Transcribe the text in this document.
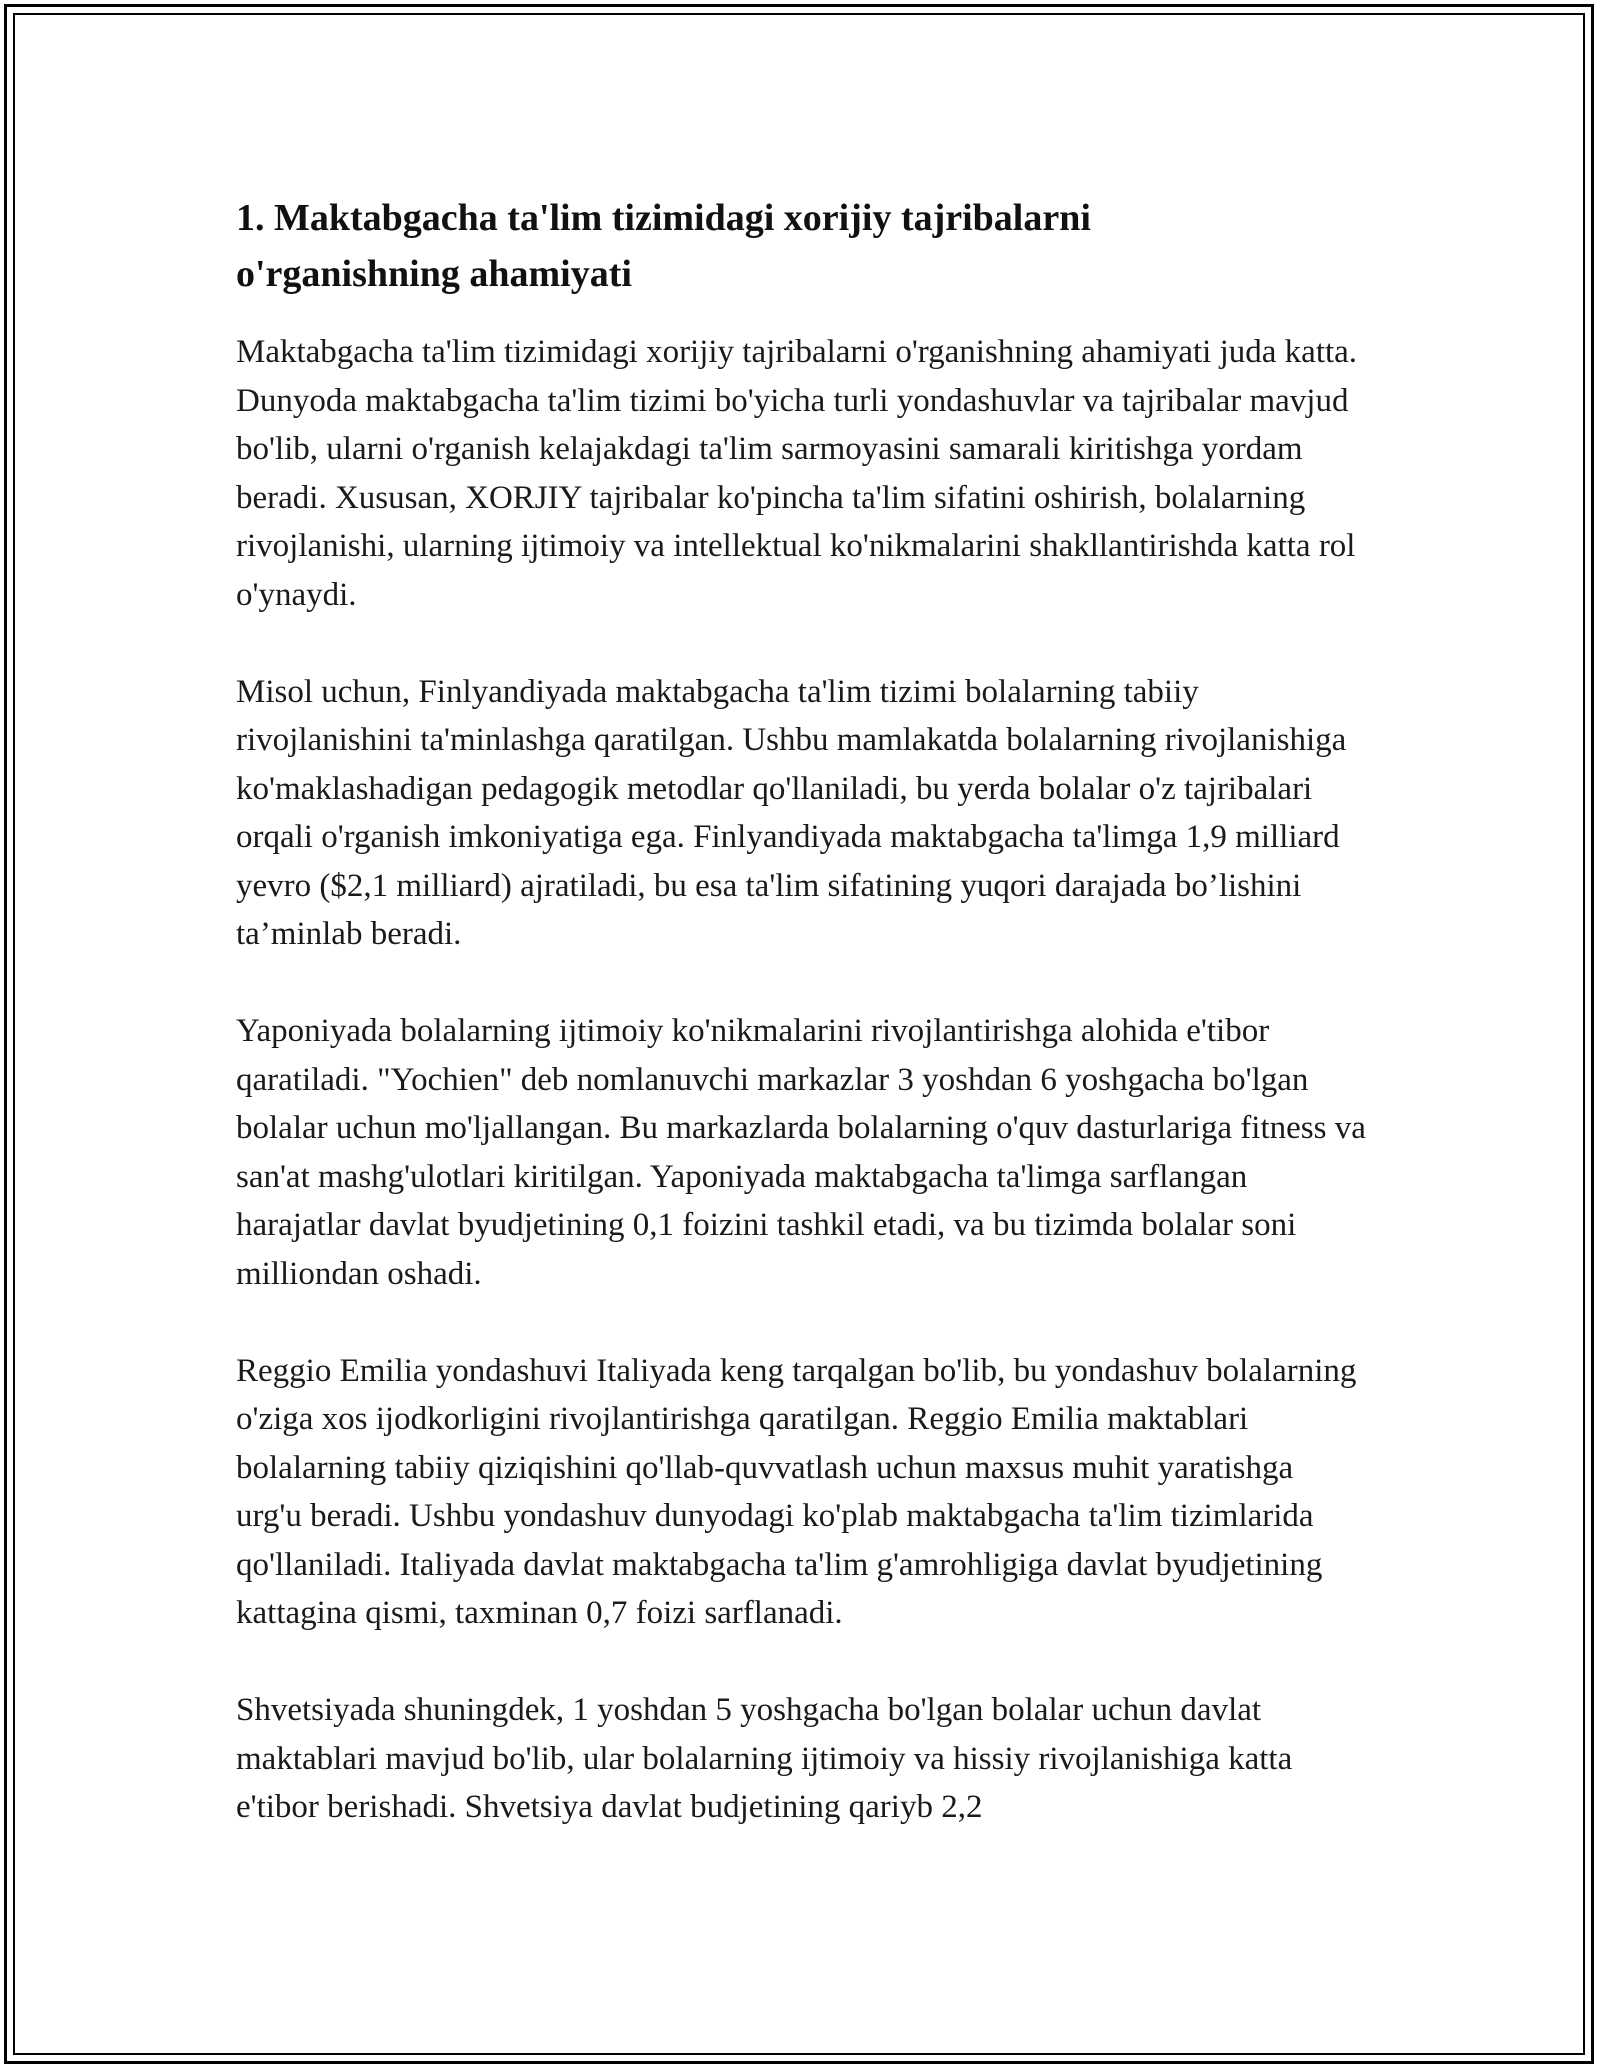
1. Maktabgacha ta'lim tizimidagi xorijiy tajribalarni o'rganishning ahamiyati

Maktabgacha ta'lim tizimidagi xorijiy tajribalarni o'rganishning ahamiyati juda katta. Dunyoda maktabgacha ta'lim tizimi bo'yicha turli yondashuvlar va tajribalar mavjud bo'lib, ularni o'rganish kelajakdagi ta'lim sarmoyasini samarali kiritishga yordam beradi. Xususan, XORJIY tajribalar ko'pincha ta'lim sifatini oshirish, bolalarning rivojlanishi, ularning ijtimoiy va intellektual ko'nikmalarini shakllantirishda katta rol o'ynaydi.

Misol uchun, Finlyandiyada maktabgacha ta'lim tizimi bolalarning tabiiy rivojlanishini ta'minlashga qaratilgan. Ushbu mamlakatda bolalarning rivojlanishiga ko'maklashadigan pedagogik metodlar qo'llaniladi, bu yerda bolalar o'z tajribalari orqali o'rganish imkoniyatiga ega. Finlyandiyada maktabgacha ta'limga 1,9 milliard yevro ($2,1 milliard) ajratiladi, bu esa ta'lim sifatining yuqori darajada bo’lishini ta’minlab beradi.

Yaponiyada bolalarning ijtimoiy ko'nikmalarini rivojlantirishga alohida e'tibor qaratiladi. "Yochien" deb nomlanuvchi markazlar 3 yoshdan 6 yoshgacha bo'lgan bolalar uchun mo'ljallangan. Bu markazlarda bolalarning o'quv dasturlariga fitness va san'at mashg'ulotlari kiritilgan. Yaponiyada maktabgacha ta'limga sarflangan harajatlar davlat byudjetining 0,1 foizini tashkil etadi, va bu tizimda bolalar soni milliondan oshadi.

Reggio Emilia yondashuvi Italiyada keng tarqalgan bo'lib, bu yondashuv bolalarning o'ziga xos ijodkorligini rivojlantirishga qaratilgan. Reggio Emilia maktablari bolalarning tabiiy qiziqishini qo'llab-quvvatlash uchun maxsus muhit yaratishga urg'u beradi. Ushbu yondashuv dunyodagi ko'plab maktabgacha ta'lim tizimlarida qo'llaniladi. Italiyada davlat maktabgacha ta'lim g'amrohligiga davlat byudjetining kattagina qismi, taxminan 0,7 foizi sarflanadi.

Shvetsiyada shuningdek, 1 yoshdan 5 yoshgacha bo'lgan bolalar uchun davlat maktablari mavjud bo'lib, ular bolalarning ijtimoiy va hissiy rivojlanishiga katta e'tibor berishadi. Shvetsiya davlat budjetining qariyb 2,2
